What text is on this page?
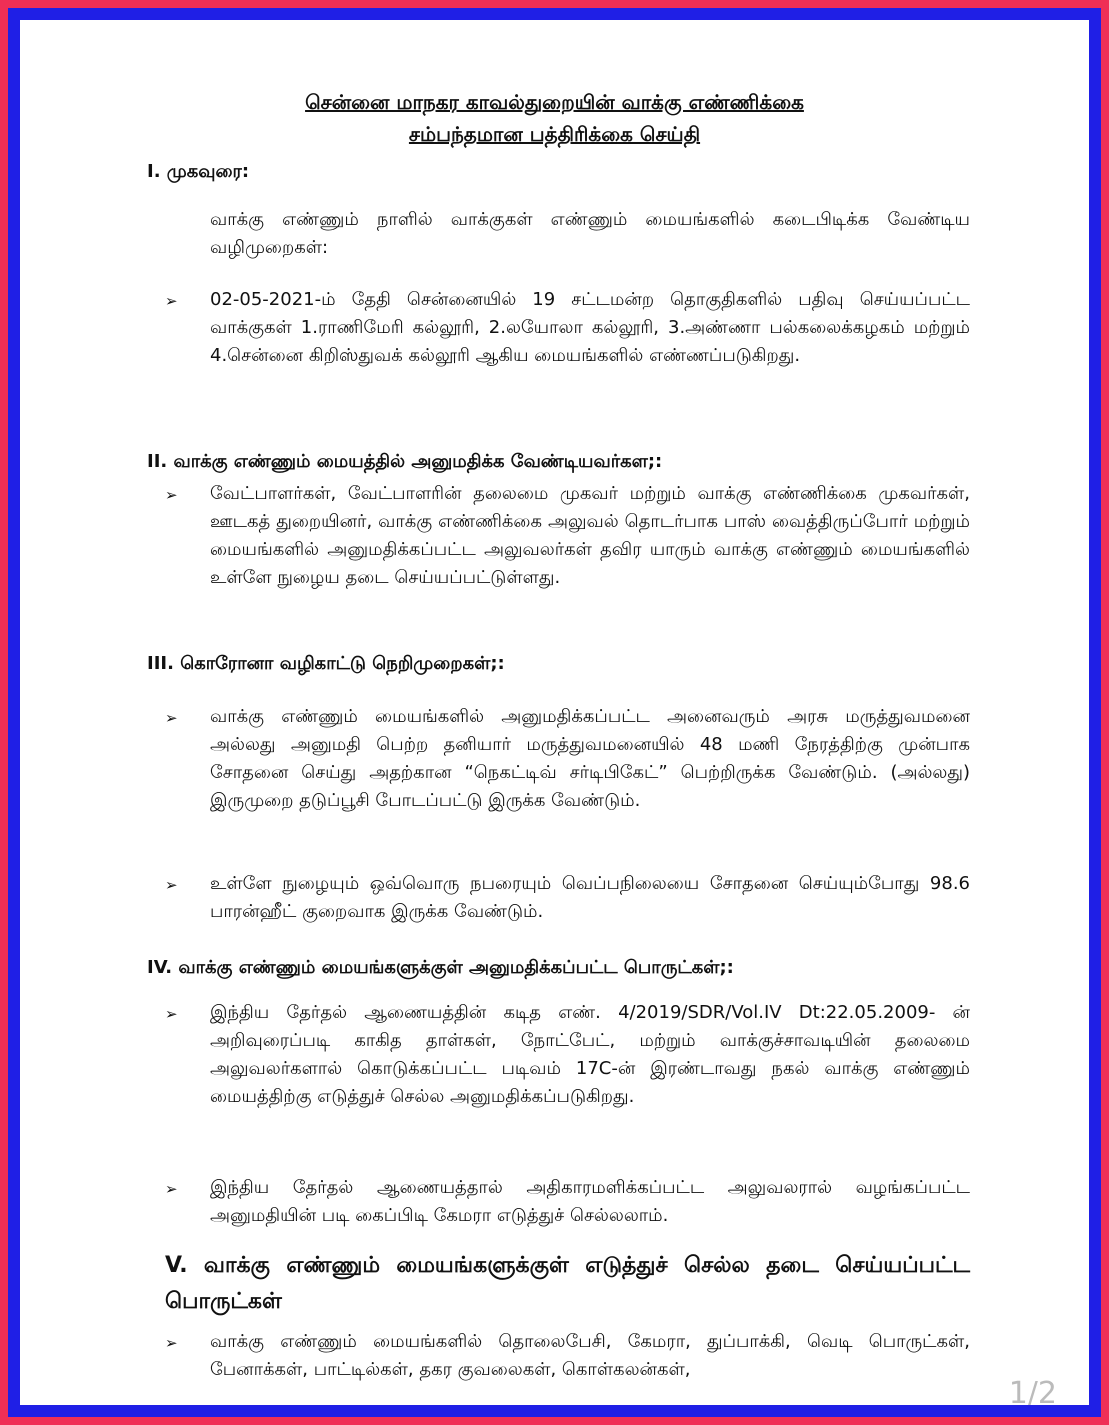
சென்னை மாநகர காவல்துறையின் வாக்கு எண்ணிக்கை
சம்பந்தமான பத்திரிக்கை செய்தி
I. முகவுரை:
வாக்கு எண்ணும் நாளில் வாக்குகள் எண்ணும் மையங்களில் கடைபிடிக்க வேண்டிய வழிமுறைகள்:
➢ 02-05-2021-ம் தேதி சென்னையில் 19 சட்டமன்ற தொகுதிகளில் பதிவு செய்யப்பட்ட வாக்குகள் 1.ராணிமேரி கல்லூரி, 2.லயோலா கல்லூரி, 3.அண்ணா பல்கலைக்கழகம் மற்றும் 4.சென்னை கிறிஸ்துவக் கல்லூரி ஆகிய மையங்களில் எண்ணப்படுகிறது.
II. வாக்கு எண்ணும் மையத்தில் அனுமதிக்க வேண்டியவர்கள;:
➢ வேட்பாளர்கள், வேட்பாளரின் தலைமை முகவர் மற்றும் வாக்கு எண்ணிக்கை முகவர்கள், ஊடகத் துறையினர், வாக்கு எண்ணிக்கை அலுவல் தொடர்பாக பாஸ் வைத்திருப்போர் மற்றும் மையங்களில் அனுமதிக்கப்பட்ட அலுவலர்கள் தவிர யாரும் வாக்கு எண்ணும் மையங்களில் உள்ளே நுழைய தடை செய்யப்பட்டுள்ளது.
III. கொரோனா வழிகாட்டு நெறிமுறைகள்;:
➢ வாக்கு எண்ணும் மையங்களில் அனுமதிக்கப்பட்ட அனைவரும் அரசு மருத்துவமனை அல்லது அனுமதி பெற்ற தனியார் மருத்துவமனையில் 48 மணி நேரத்திற்கு முன்பாக சோதனை செய்து அதற்கான “நெகட்டிவ் சர்டிபிகேட்” பெற்றிருக்க வேண்டும். (அல்லது) இருமுறை தடுப்பூசி போடப்பட்டு இருக்க வேண்டும்.
➢ உள்ளே நுழையும் ஒவ்வொரு நபரையும் வெப்பநிலையை சோதனை செய்யும்போது 98.6 பாரன்ஹீட் குறைவாக இருக்க வேண்டும்.
IV. வாக்கு எண்ணும் மையங்களுக்குள் அனுமதிக்கப்பட்ட பொருட்கள்;:
➢ இந்திய தேர்தல் ஆணையத்தின் கடித எண். 4/2019/SDR/Vol.IV Dt:22.05.2009- ன் அறிவுரைப்படி காகித தாள்கள், நோட்பேட், மற்றும் வாக்குச்சாவடியின் தலைமை அலுவலர்களால் கொடுக்கப்பட்ட படிவம் 17C-ன் இரண்டாவது நகல் வாக்கு எண்ணும் மையத்திற்கு எடுத்துச் செல்ல அனுமதிக்கப்படுகிறது.
➢ இந்திய தேர்தல் ஆணையத்தால் அதிகாரமளிக்கப்பட்ட அலுவலரால் வழங்கப்பட்ட அனுமதியின் படி கைப்பிடி கேமரா எடுத்துச் செல்லலாம்.
V. வாக்கு எண்ணும் மையங்களுக்குள் எடுத்துச் செல்ல தடை செய்யப்பட்ட பொருட்கள்
➢ வாக்கு எண்ணும் மையங்களில் தொலைபேசி, கேமரா, துப்பாக்கி, வெடி பொருட்கள், பேனாக்கள், பாட்டில்கள், தகர குவலைகள், கொள்கலன்கள்,
1/2
